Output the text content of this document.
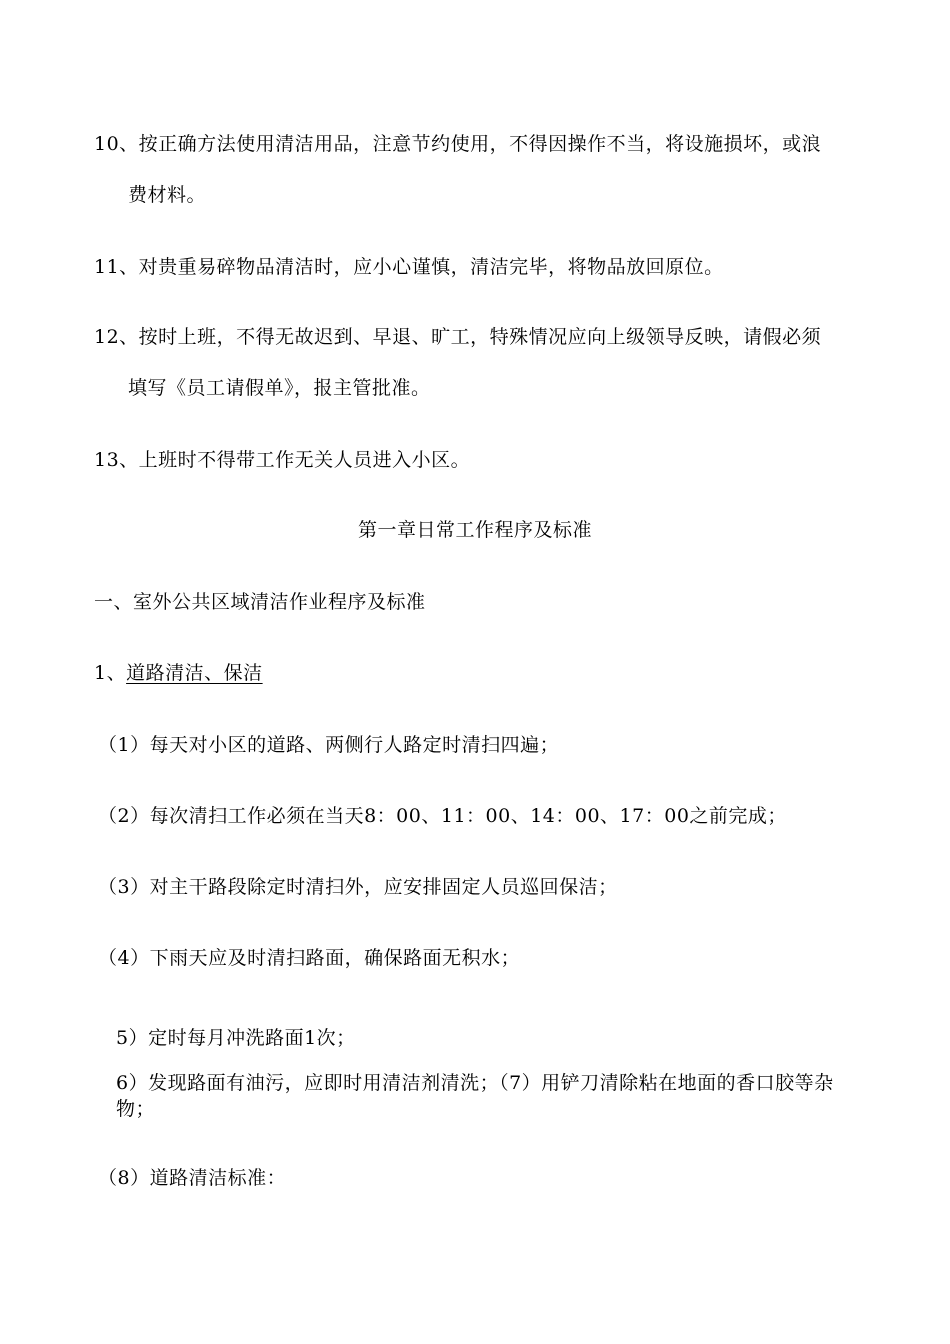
10、按正确方法使用清洁用品，注意节约使用，不得因操作不当，将设施损坏，或浪
费材料。
11、对贵重易碎物品清洁时，应小心谨慎，清洁完毕，将物品放回原位。
12、按时上班，不得无故迟到、早退、旷工，特殊情况应向上级领导反映，请假必须
填写《员工请假单》，报主管批准。
13、上班时不得带工作无关人员进入小区。
第一章日常工作程序及标准
一、室外公共区域清洁作业程序及标准
1、道路清洁、保洁
（1）每天对小区的道路、两侧行人路定时清扫四遍；
（2）每次清扫工作必须在当天8：00、11：00、14：00、17：00之前完成；
（3）对主干路段除定时清扫外，应安排固定人员巡回保洁；
（4）下雨天应及时清扫路面，确保路面无积水；
5）定时每月冲洗路面1次；
6）发现路面有油污，应即时用清洁剂清洗；（7）用铲刀清除粘在地面的香口胶等杂物；
（8）道路清洁标准：
